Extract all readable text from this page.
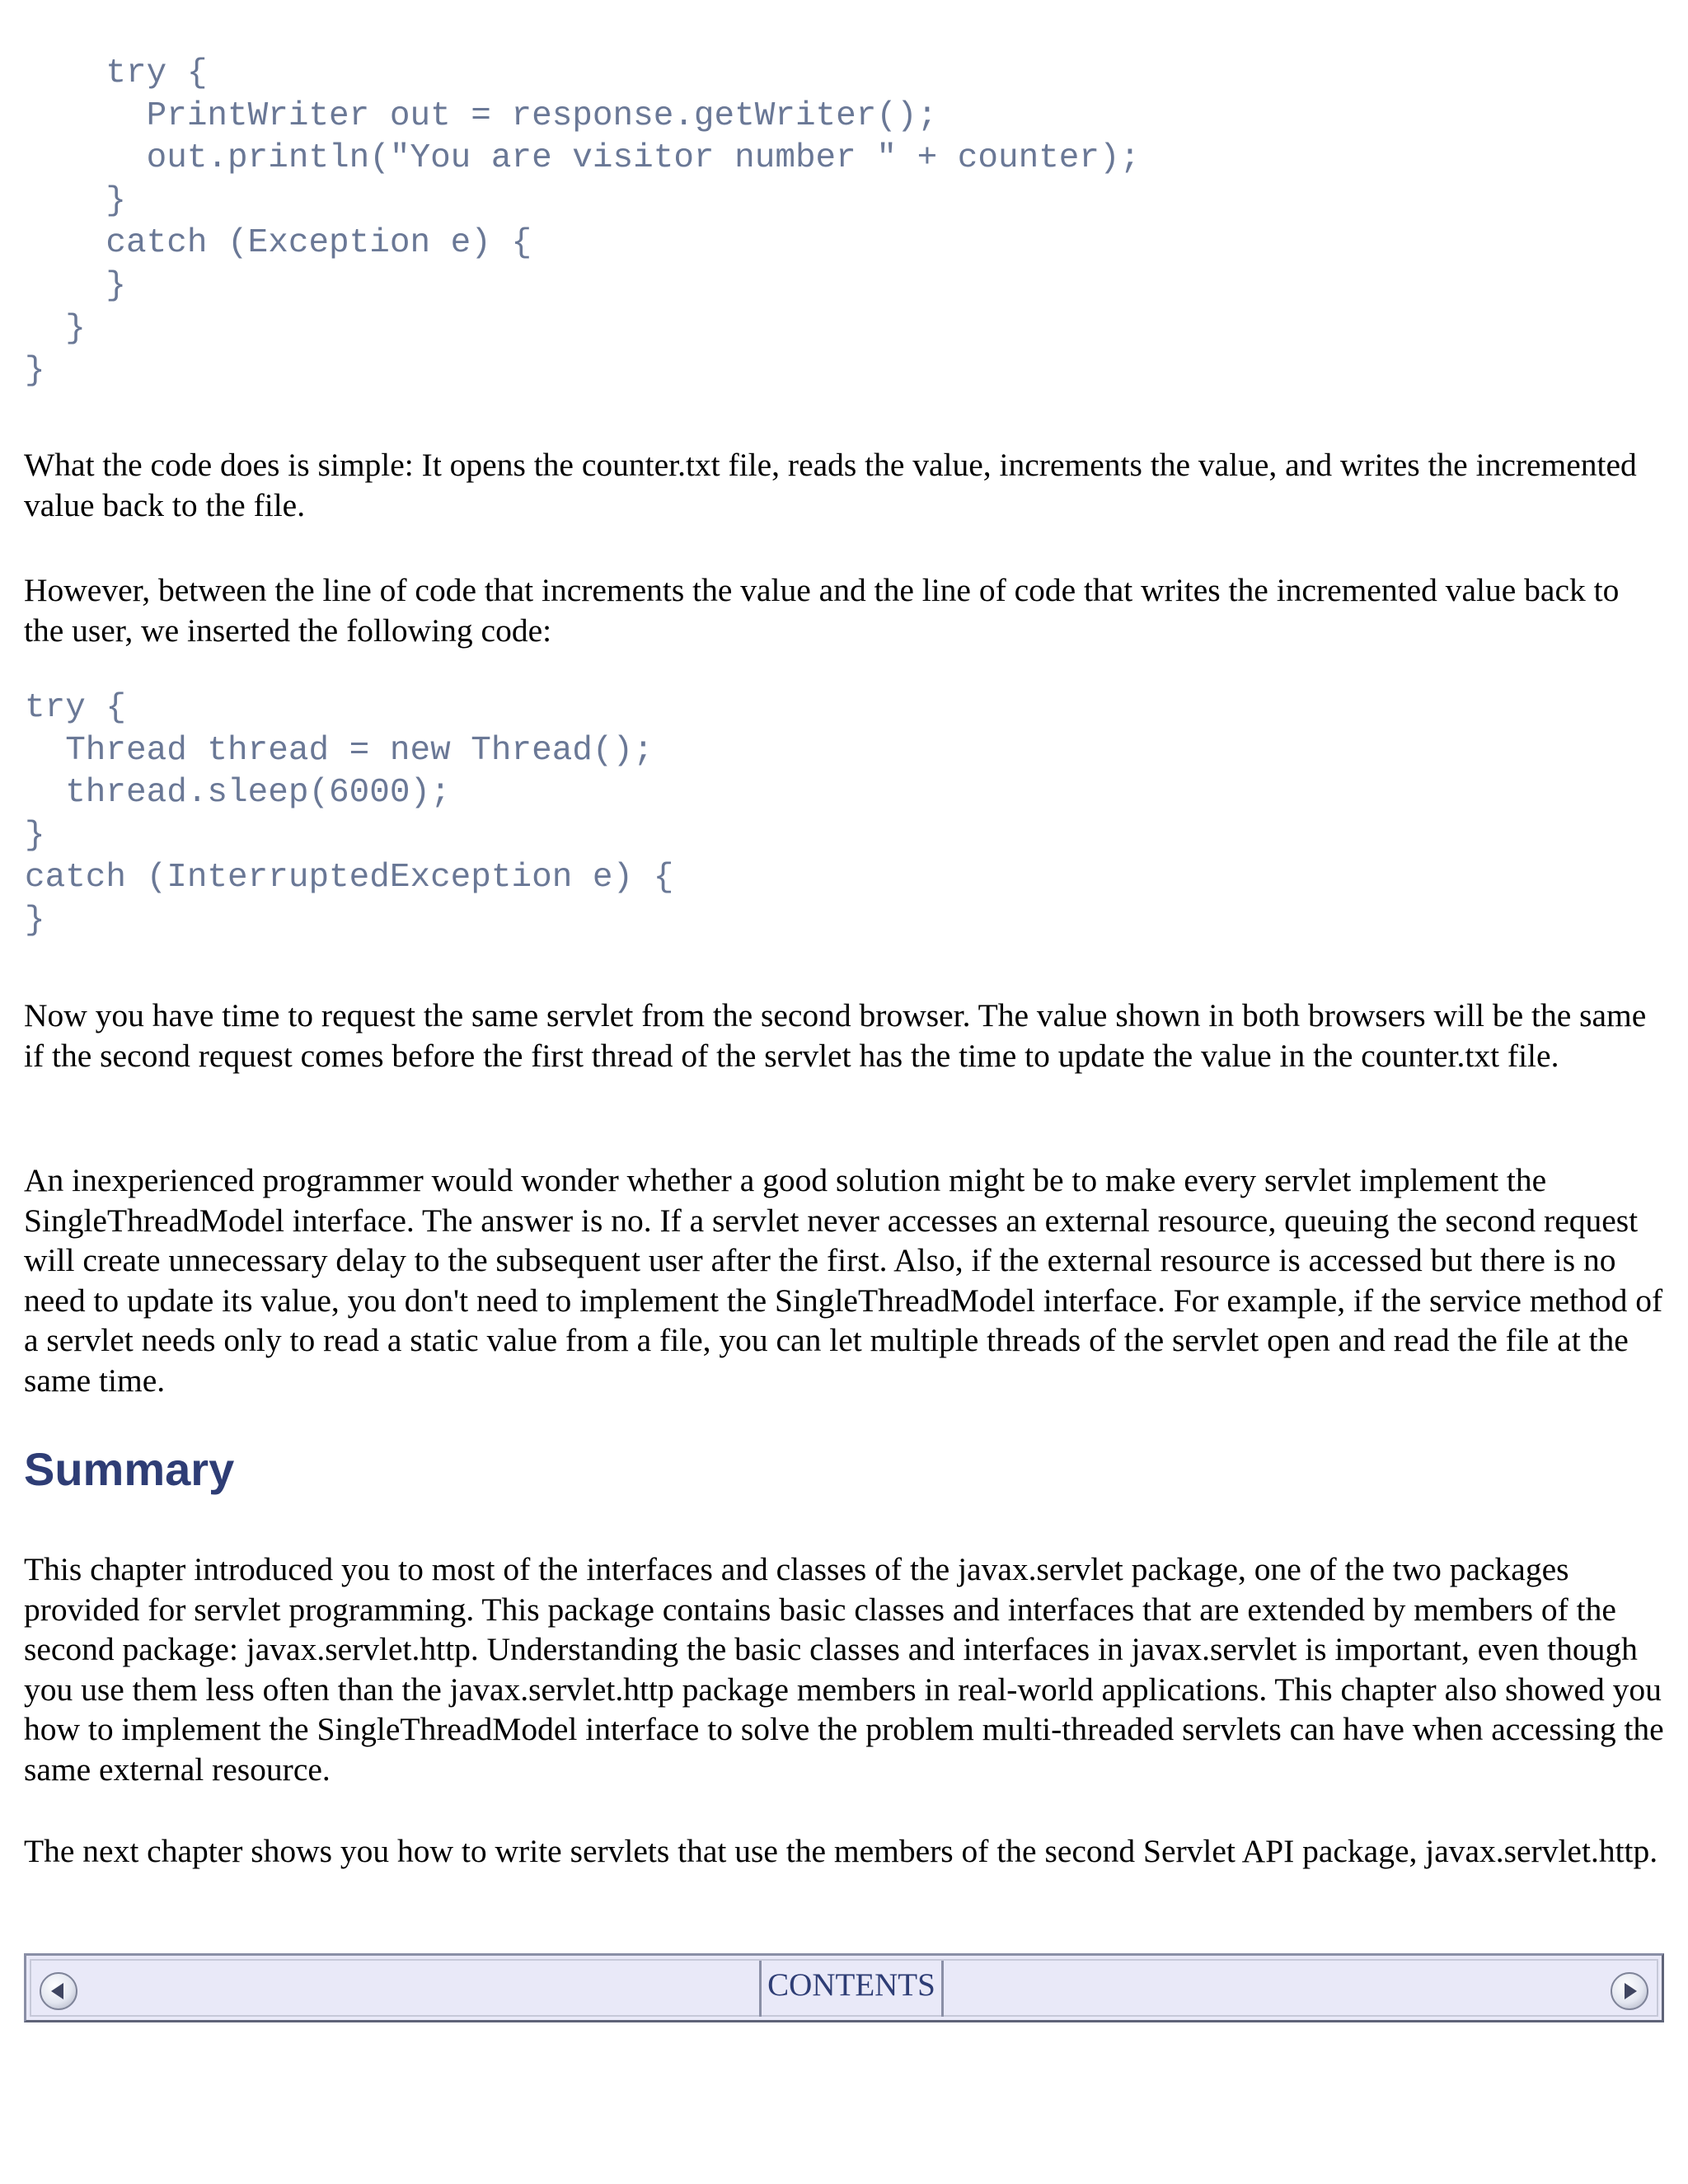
try {
PrintWriter out = response.getWriter();
out.println("You are visitor number " + counter);
}
catch (Exception e) {
}
}
}

What the code does is simple: It opens the counter.txt file, reads the value, increments the value, and writes the incremented value back to the file.

However, between the line of code that increments the value and the line of code that writes the incremented value back to the user, we inserted the following code:

try {
Thread thread = new Thread();
thread.sleep(6000);
}
catch (InterruptedException e) {
}

Now you have time to request the same servlet from the second browser. The value shown in both browsers will be the same if the second request comes before the first thread of the servlet has the time to update the value in the counter.txt file.

An inexperienced programmer would wonder whether a good solution might be to make every servlet implement the SingleThreadModel interface. The answer is no. If a servlet never accesses an external resource, queuing the second request will create unnecessary delay to the subsequent user after the first. Also, if the external resource is accessed but there is no need to update its value, you don't need to implement the SingleThreadModel interface. For example, if the service method of a servlet needs only to read a static value from a file, you can let multiple threads of the servlet open and read the file at the same time.

Summary

This chapter introduced you to most of the interfaces and classes of the javax.servlet package, one of the two packages provided for servlet programming. This package contains basic classes and interfaces that are extended by members of the second package: javax.servlet.http. Understanding the basic classes and interfaces in javax.servlet is important, even though you use them less often than the javax.servlet.http package members in real-world applications. This chapter also showed you how to implement the SingleThreadModel interface to solve the problem multi-threaded servlets can have when accessing the same external resource.

The next chapter shows you how to write servlets that use the members of the second Servlet API package, javax.servlet.http.

CONTENTS
